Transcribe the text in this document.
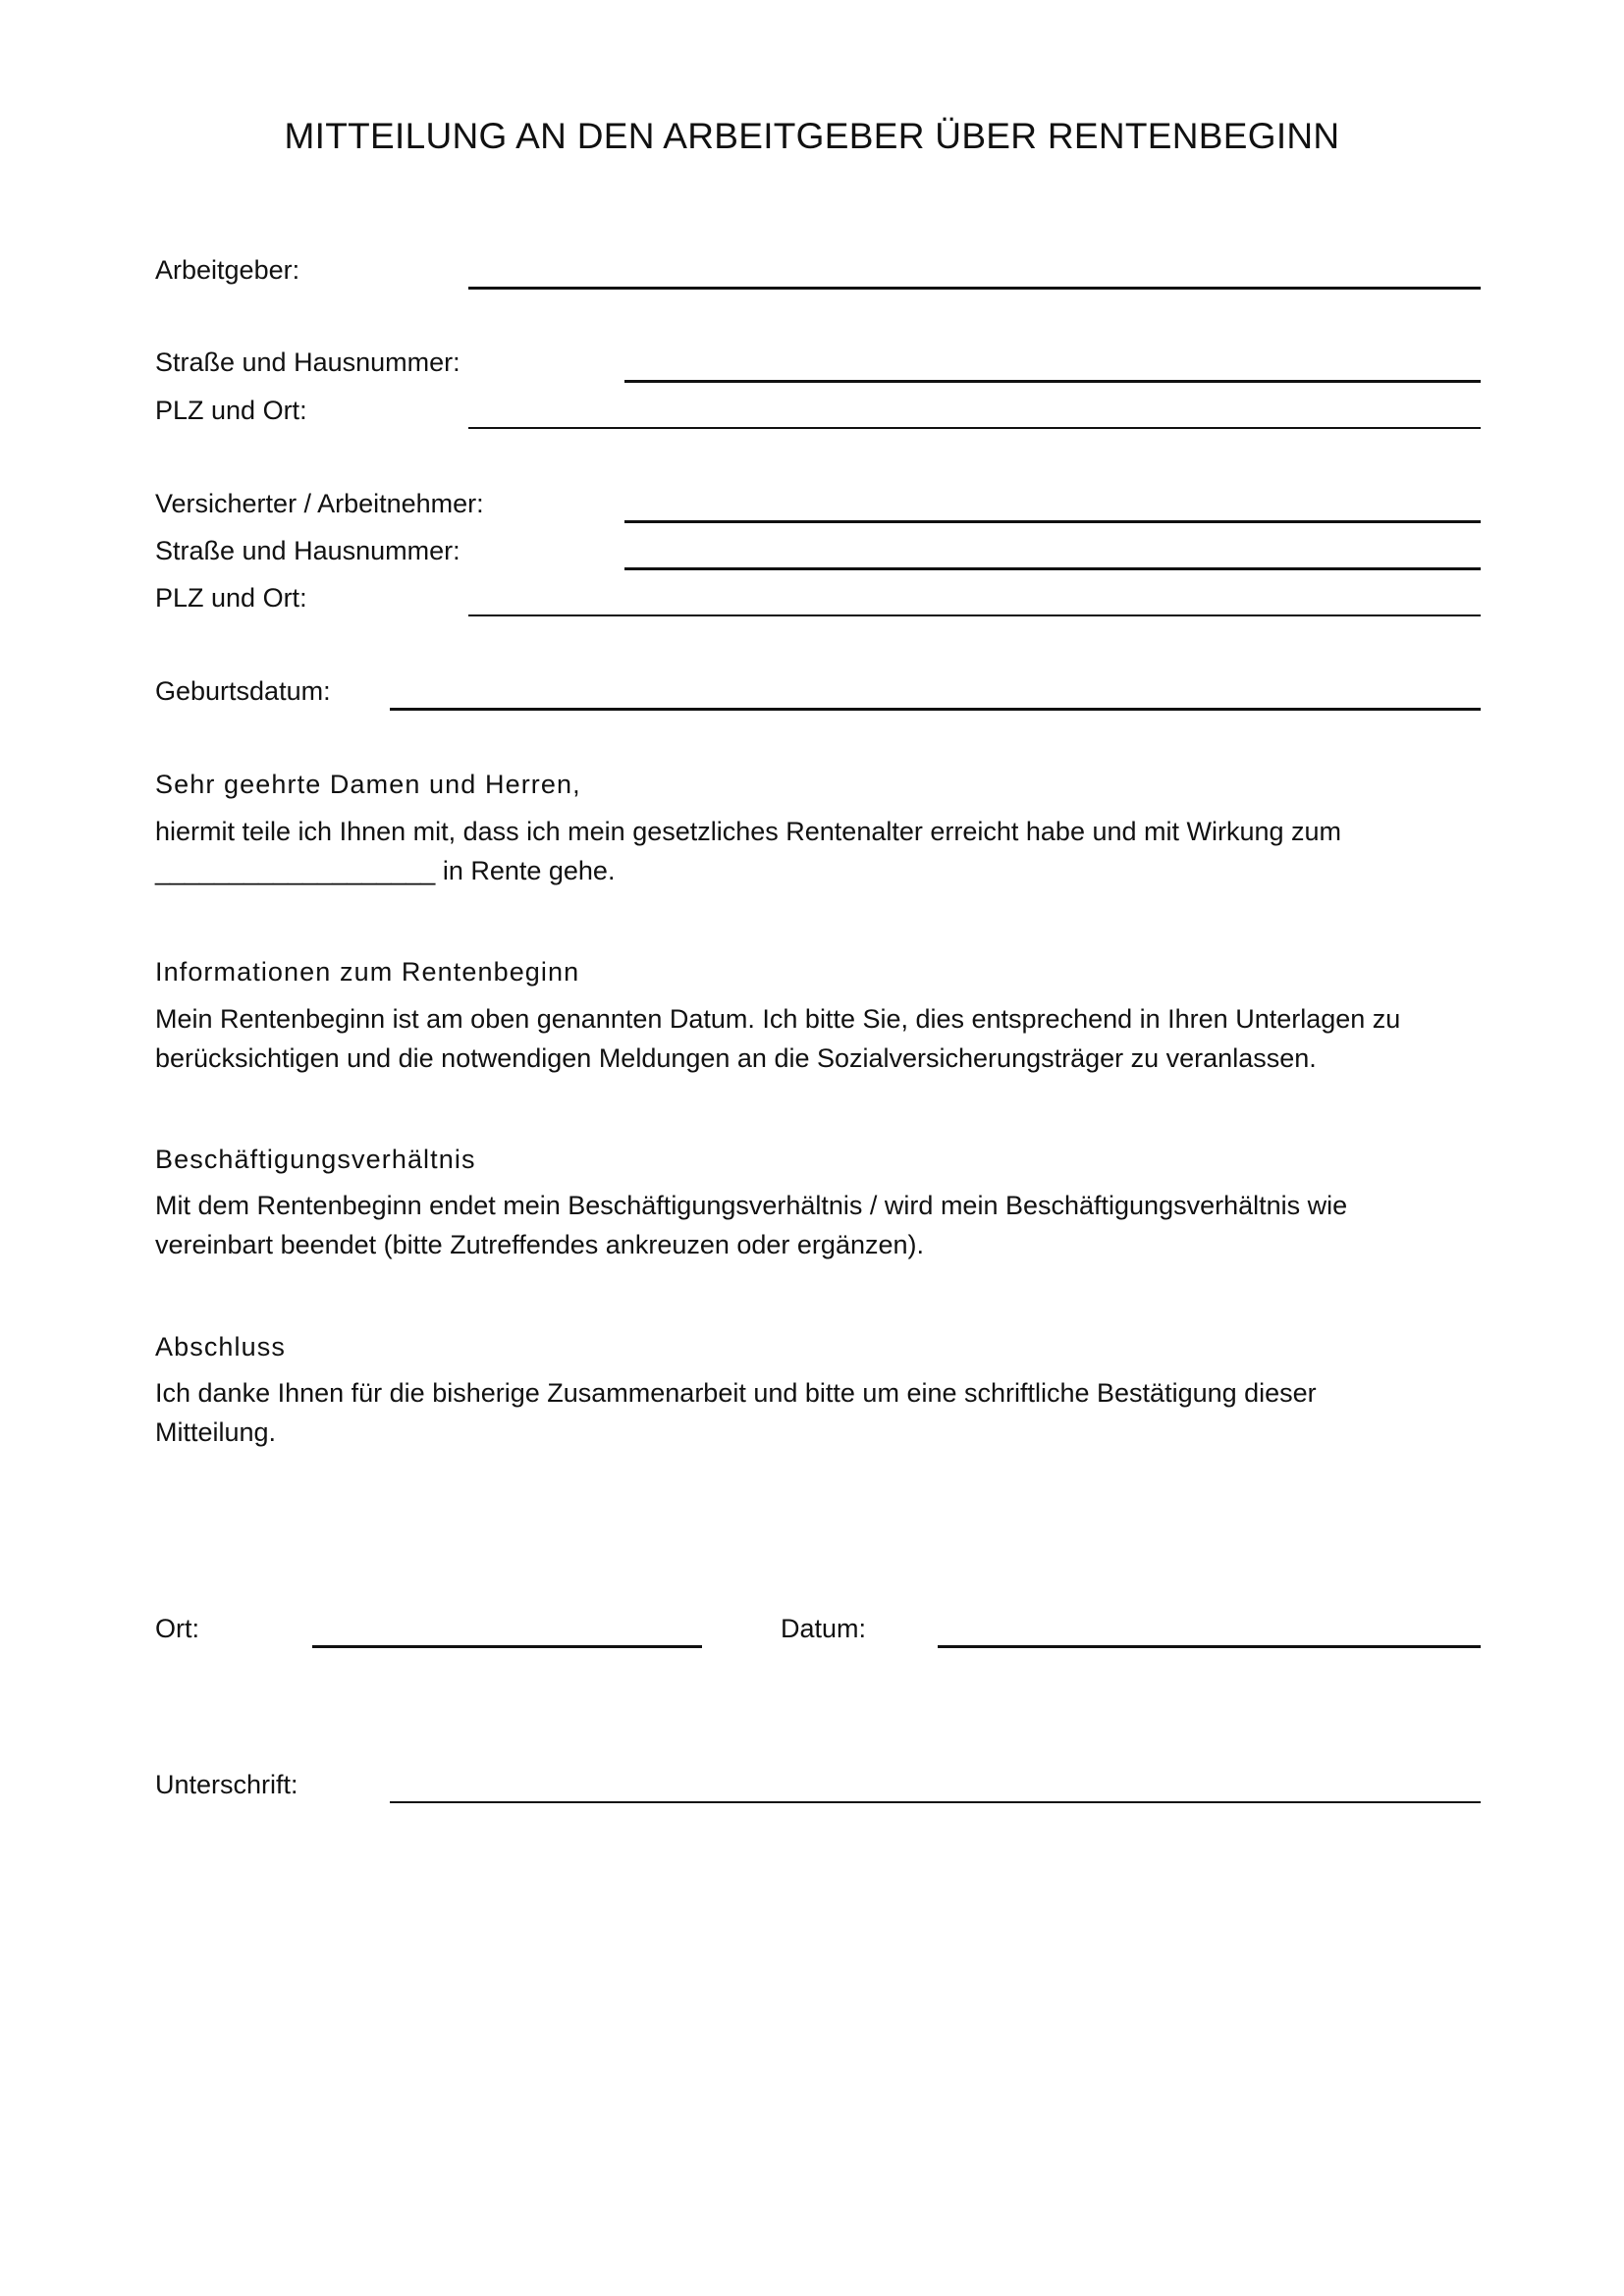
MITTEILUNG AN DEN ARBEITGEBER ÜBER RENTENBEGINN
Arbeitgeber:
Straße und Hausnummer:
PLZ und Ort:
Versicherter / Arbeitnehmer:
Straße und Hausnummer:
PLZ und Ort:
Geburtsdatum:
Sehr geehrte Damen und Herren,
hiermit teile ich Ihnen mit, dass ich mein gesetzliches Rentenalter erreicht habe und mit Wirkung zum
___________________ in Rente gehe.
Informationen zum Rentenbeginn
Mein Rentenbeginn ist am oben genannten Datum. Ich bitte Sie, dies entsprechend in Ihren Unterlagen zu
berücksichtigen und die notwendigen Meldungen an die Sozialversicherungsträger zu veranlassen.
Beschäftigungsverhältnis
Mit dem Rentenbeginn endet mein Beschäftigungsverhältnis / wird mein Beschäftigungsverhältnis wie
vereinbart beendet (bitte Zutreffendes ankreuzen oder ergänzen).
Abschluss
Ich danke Ihnen für die bisherige Zusammenarbeit und bitte um eine schriftliche Bestätigung dieser
Mitteilung.
Ort:	Datum:
Unterschrift:
